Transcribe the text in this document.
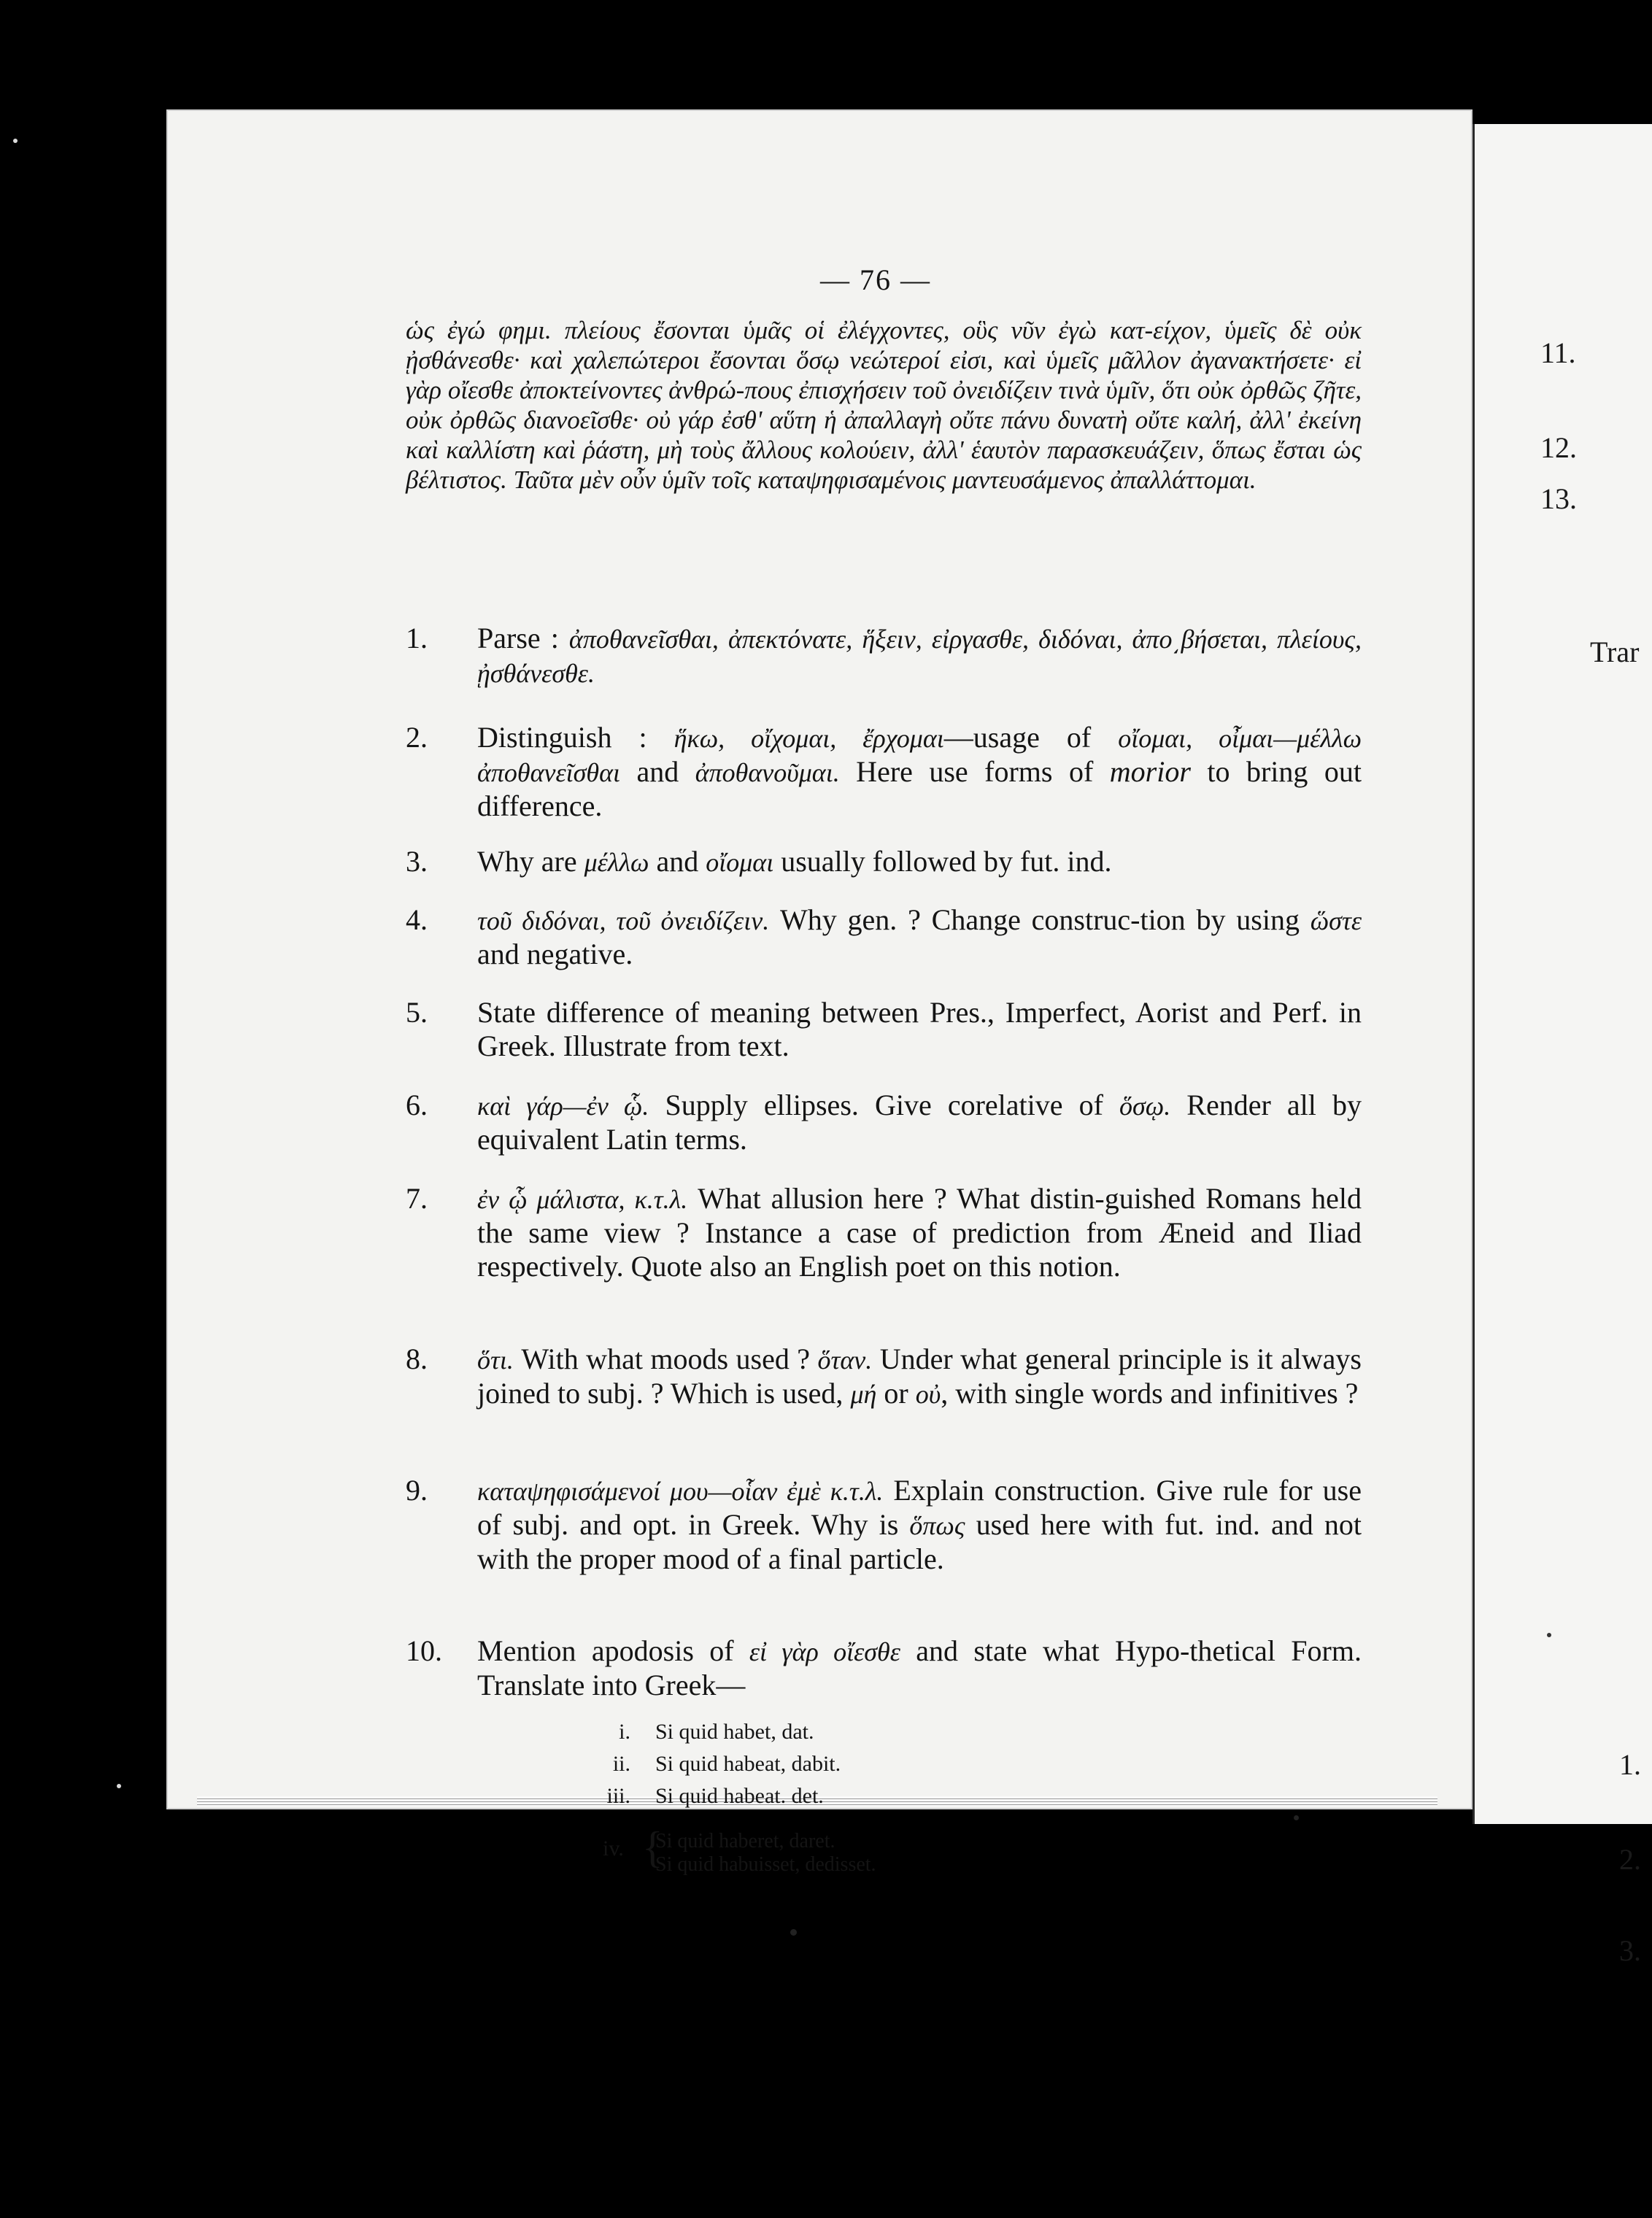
11.
12.
13.
Trar
1.
2.
3.
— 76 —
ὡς ἐγώ φημι. πλείους ἔσονται ὑμᾶς οἱ ἐλέγχοντες, οὓς νῦν ἐγὼ κατ-είχον, ὑμεῖς δὲ οὐκ ᾐσθάνεσθε· καὶ χαλεπώτεροι ἔσονται ὅσῳ νεώτεροί εἰσι, καὶ ὑμεῖς μᾶλλον ἀγανακτήσετε· εἰ γὰρ οἴεσθε ἀποκτείνοντες ἀνθρώ-πους ἐπισχήσειν τοῦ ὀνειδίζειν τινὰ ὑμῖν, ὅτι οὐκ ὀρθῶς ζῆτε, οὐκ ὀρθῶς διανοεῖσθε· οὐ γάρ ἐσθ' αὕτη ἡ ἀπαλλαγὴ οὔτε πάνυ δυνατὴ οὔτε καλή, ἀλλ' ἐκείνη καὶ καλλίστη καὶ ῥάστη, μὴ τοὺς ἄλλους κολούειν, ἀλλ' ἑαυτὸν παρασκευάζειν, ὅπως ἔσται ὡς βέλτιστος. Ταῦτα μὲν οὖν ὑμῖν τοῖς καταψηφισαμένοις μαντευσάμενος ἀπαλλάττομαι.
1.	Parse : ἀποθανεῖσθαι, ἀπεκτόνατε, ἥξειν, εἰργασθε, διδόναι, ἀπο͵βήσεται, πλείους, ᾐσθάνεσθε.
2.	Distinguish : ἥκω, οἴχομαι, ἔρχομαι—usage of οἴομαι, οἶμαι—μέλλω ἀποθανεῖσθαι and ἀποθανοῦμαι. Here use forms of morior to bring out difference.
3.	Why are μέλλω and οἴομαι usually followed by fut. ind.
4.	τοῦ διδόναι, τοῦ ὀνειδίζειν. Why gen. ? Change construc-tion by using ὥστε and negative.
5.	State difference of meaning between Pres., Imperfect, Aorist and Perf. in Greek. Illustrate from text.
6.	καὶ γάρ—ἐν ᾧ. Supply ellipses. Give corelative of ὅσῳ. Render all by equivalent Latin terms.
7.	ἐν ᾧ μάλιστα, κ.τ.λ. What allusion here ? What distin-guished Romans held the same view ? Instance a case of prediction from Æneid and Iliad respectively. Quote also an English poet on this notion.
8.	ὅτι. With what moods used ? ὅταν. Under what general principle is it always joined to subj. ? Which is used, μή or οὐ, with single words and infinitives ?
9.	καταψηφισάμενοί μου—οἷαν ἐμὲ κ.τ.λ. Explain construction. Give rule for use of subj. and opt. in Greek. Why is ὅπως used here with fut. ind. and not with the proper mood of a final particle.
10.	Mention apodosis of εἰ γὰρ οἴεσθε and state what Hypo-thetical Form. Translate into Greek—
i. Si quid habet, dat.
ii. Si quid habeat, dabit.
iii. Si quid habeat. det.
iv. {
Si quid haberet, daret.
Si quid habuisset, dedisset.
